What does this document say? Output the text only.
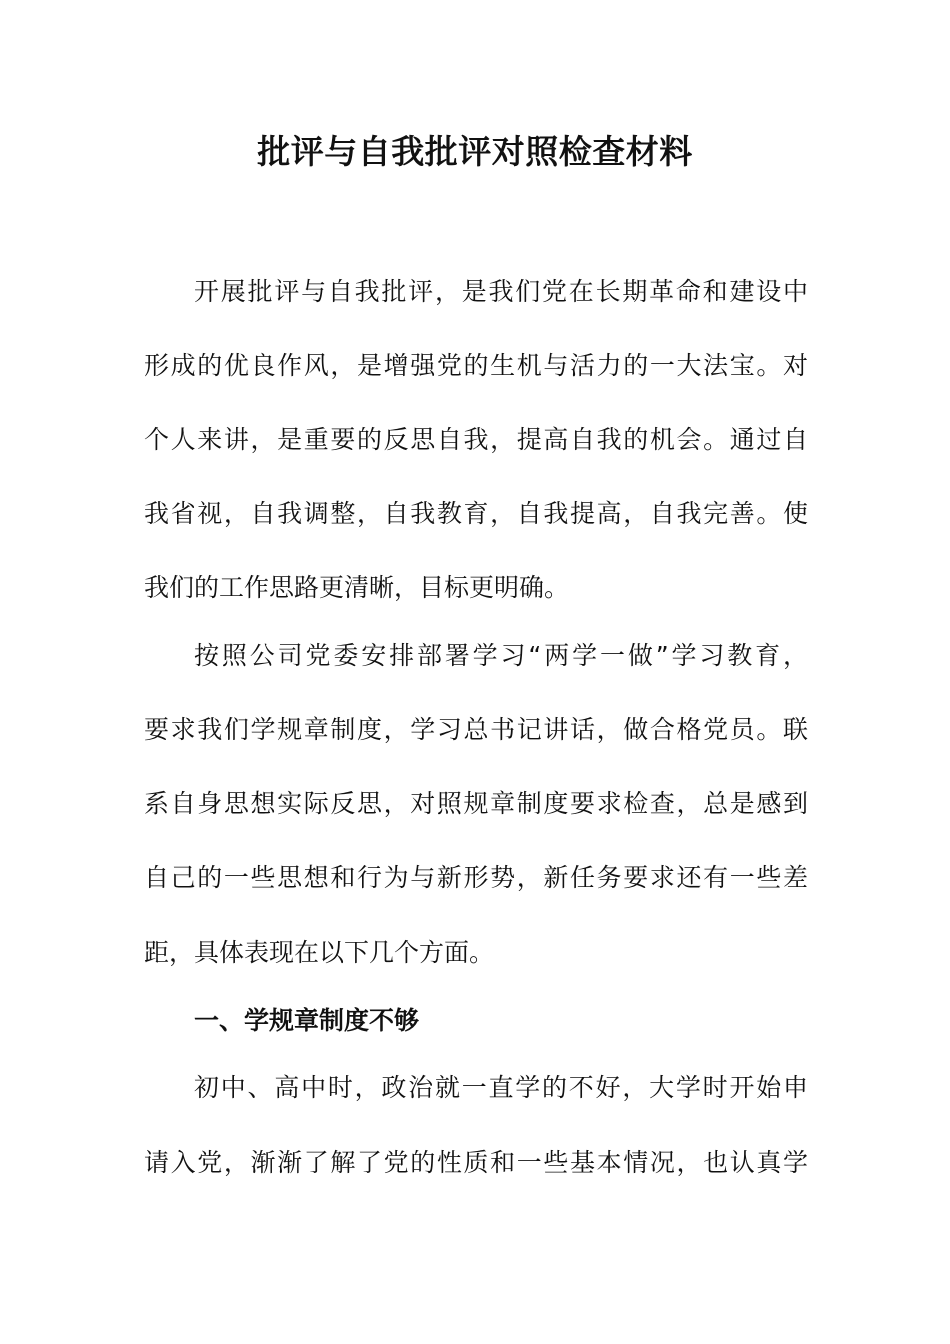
批评与自我批评对照检查材料

开展批评与自我批评，是我们党在长期革命和建设中

形成的优良作风，是增强党的生机与活力的一大法宝。对

个人来讲，是重要的反思自我，提高自我的机会。通过自

我省视，自我调整，自我教育，自我提高，自我完善。使

我们的工作思路更清晰，目标更明确。

按照公司党委安排部署学习“两学一做”学习教育，

要求我们学规章制度，学习总书记讲话，做合格党员。联

系自身思想实际反思，对照规章制度要求检查，总是感到

自己的一些思想和行为与新形势，新任务要求还有一些差

距，具体表现在以下几个方面。

一、学规章制度不够

初中、高中时，政治就一直学的不好，大学时开始申

请入党，渐渐了解了党的性质和一些基本情况，也认真学
